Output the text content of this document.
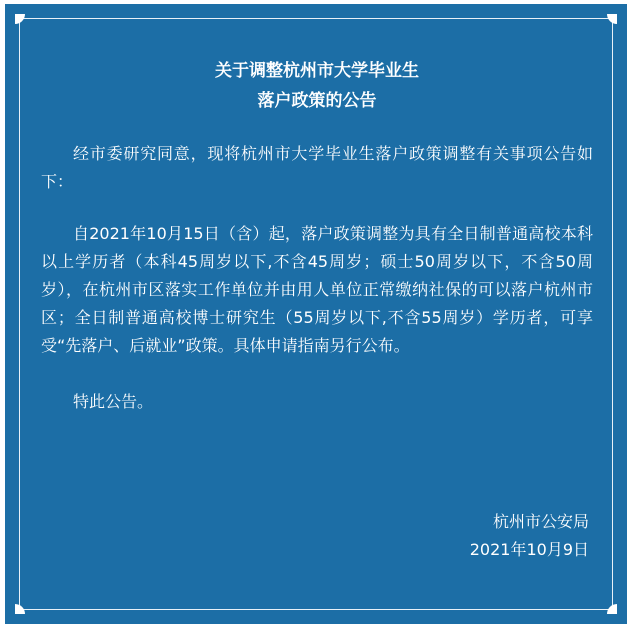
关于调整杭州市大学毕业生
落户政策的公告

经市委研究同意，现将杭州市大学毕业生落户政策调整有关事项公告如下：

自2021年10月15日（含）起，落户政策调整为具有全日制普通高校本科以上学历者（本科45周岁以下,不含45周岁；硕士50周岁以下，不含50周岁），在杭州市区落实工作单位并由用人单位正常缴纳社保的可以落户杭州市区；全日制普通高校博士研究生（55周岁以下,不含55周岁）学历者，可享受“先落户、后就业”政策。具体申请指南另行公布。

特此公告。

杭州市公安局
2021年10月9日
